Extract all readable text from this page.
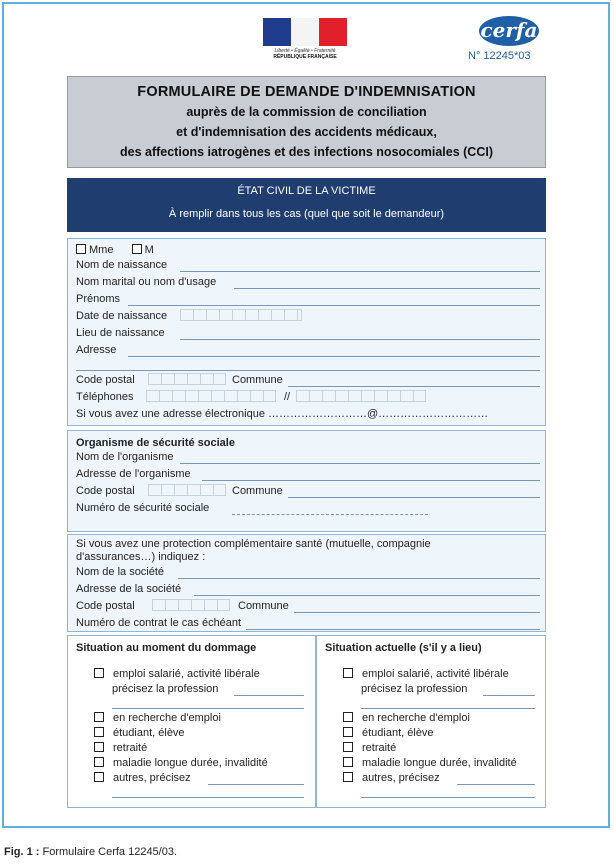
Liberté • Égalité • Fraternité
RÉPUBLIQUE FRANÇAISE
cerfa
N° 12245*03
FORMULAIRE DE DEMANDE D'INDEMNISATION
auprès de la commission de conciliation
et d'indemnisation des accidents médicaux,
des affections iatrogènes et des infections nosocomiales (CCI)
ÉTAT CIVIL DE LA VICTIME
À remplir dans tous les cas (quel que soit le demandeur)
Mme	M
Nom de naissance
Nom marital ou nom d'usage
Prénoms
Date de naissance
Lieu de naissance
Adresse
Code postal	Commune
Téléphones	//
Si vous avez une adresse électronique ………………………@…………………………
Organisme de sécurité sociale
Nom de l'organisme
Adresse de l'organisme
Code postal	Commune
Numéro de sécurité sociale
Si vous avez une protection complémentaire santé (mutuelle, compagnie
d'assurances…) indiquez :
Nom de la société
Adresse de la société
Code postal	Commune
Numéro de contrat le cas échéant
Situation au moment du dommage
emploi salarié, activité libérale
précisez la profession
en recherche d'emploi
étudiant, élève
retraité
maladie longue durée, invalidité
autres, précisez
Situation actuelle (s'il y a lieu)
emploi salarié, activité libérale
précisez la profession
en recherche d'emploi
étudiant, élève
retraité
maladie longue durée, invalidité
autres, précisez
Fig. 1 : Formulaire Cerfa 12245/03.
